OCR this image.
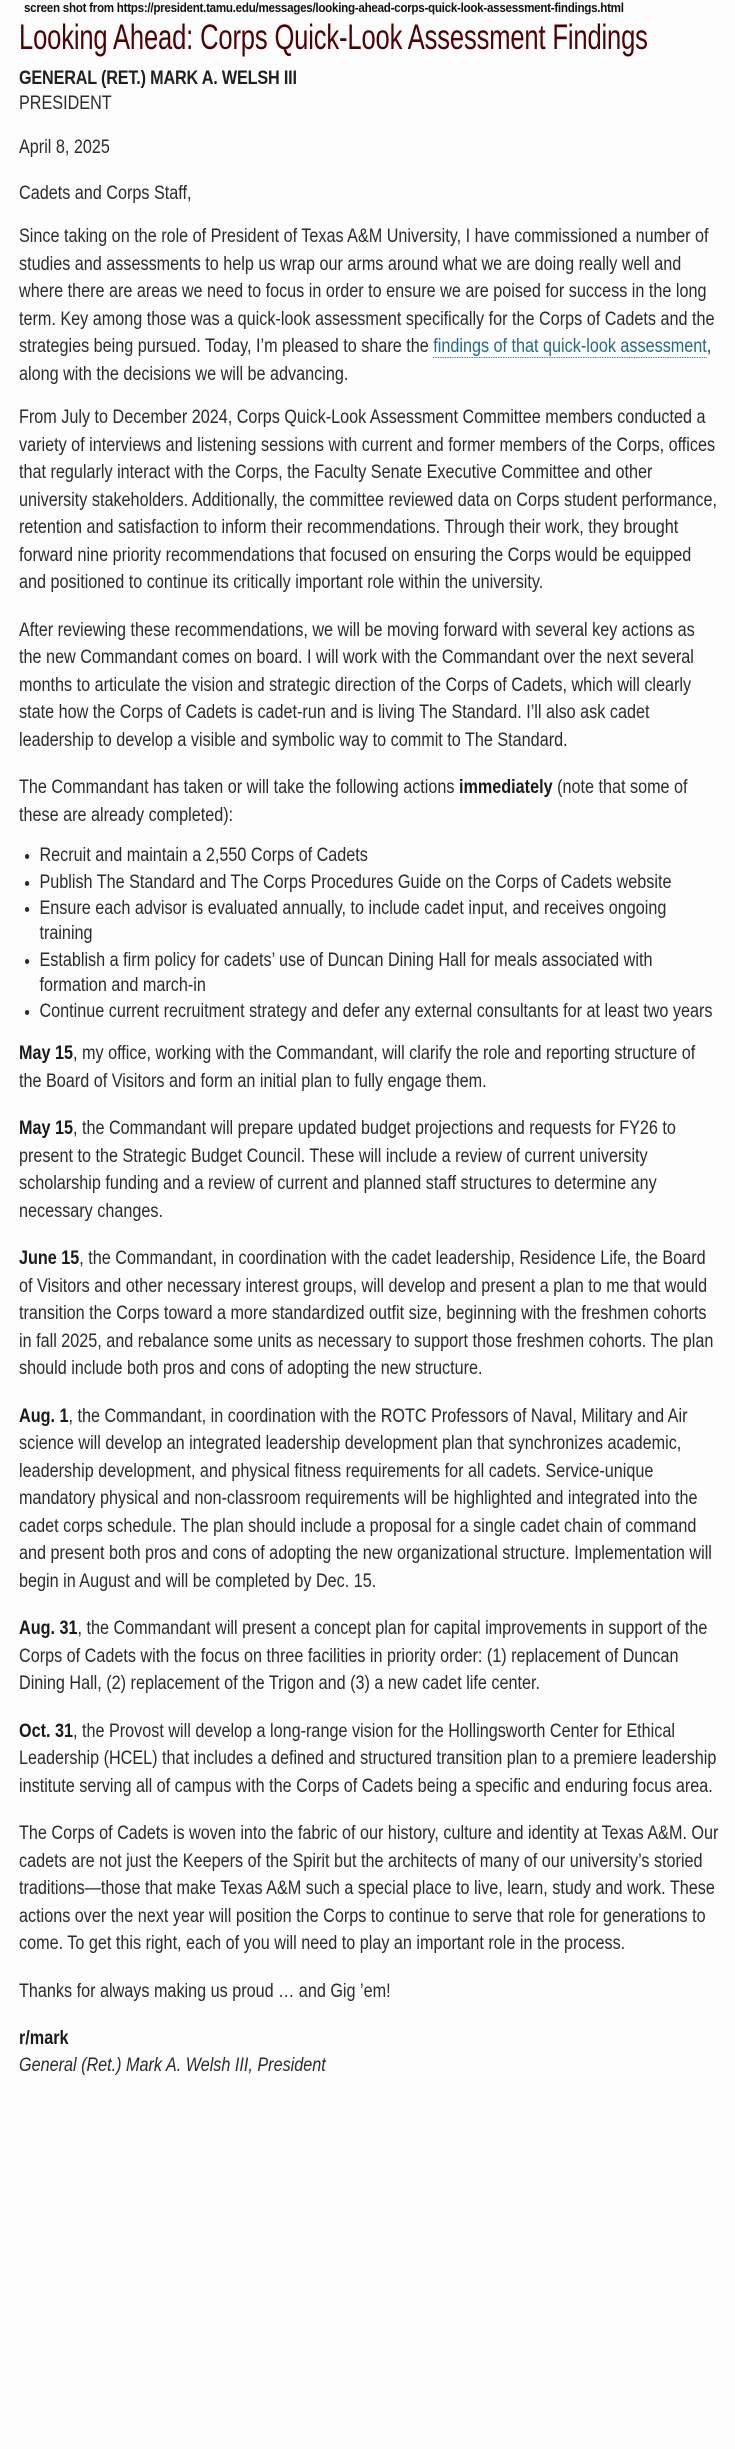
screen shot from https://president.tamu.edu/messages/looking-ahead-corps-quick-look-assessment-findings.html
Looking Ahead: Corps Quick-Look Assessment Findings

GENERAL (RET.) MARK A. WELSH III

PRESIDENT

April 8, 2025

Cadets and Corps Staff,

Since taking on the role of President of Texas A&M University, I have commissioned a number of studies and assessments to help us wrap our arms around what we are doing really well and where there are areas we need to focus in order to ensure we are poised for success in the long term. Key among those was a quick-look assessment specifically for the Corps of Cadets and the strategies being pursued. Today, I’m pleased to share the findings of that quick-look assessment, along with the decisions we will be advancing.

From July to December 2024, Corps Quick-Look Assessment Committee members conducted a variety of interviews and listening sessions with current and former members of the Corps, offices that regularly interact with the Corps, the Faculty Senate Executive Committee and other university stakeholders. Additionally, the committee reviewed data on Corps student performance, retention and satisfaction to inform their recommendations. Through their work, they brought forward nine priority recommendations that focused on ensuring the Corps would be equipped and positioned to continue its critically important role within the university.

After reviewing these recommendations, we will be moving forward with several key actions as the new Commandant comes on board. I will work with the Commandant over the next several months to articulate the vision and strategic direction of the Corps of Cadets, which will clearly state how the Corps of Cadets is cadet-run and is living The Standard. I’ll also ask cadet leadership to develop a visible and symbolic way to commit to The Standard.

The Commandant has taken or will take the following actions immediately (note that some of these are already completed):

• Recruit and maintain a 2,550 Corps of Cadets
• Publish The Standard and The Corps Procedures Guide on the Corps of Cadets website
• Ensure each advisor is evaluated annually, to include cadet input, and receives ongoing training
• Establish a firm policy for cadets’ use of Duncan Dining Hall for meals associated with formation and march-in
• Continue current recruitment strategy and defer any external consultants for at least two years

May 15, my office, working with the Commandant, will clarify the role and reporting structure of the Board of Visitors and form an initial plan to fully engage them.

May 15, the Commandant will prepare updated budget projections and requests for FY26 to present to the Strategic Budget Council. These will include a review of current university scholarship funding and a review of current and planned staff structures to determine any necessary changes.

June 15, the Commandant, in coordination with the cadet leadership, Residence Life, the Board of Visitors and other necessary interest groups, will develop and present a plan to me that would transition the Corps toward a more standardized outfit size, beginning with the freshmen cohorts in fall 2025, and rebalance some units as necessary to support those freshmen cohorts. The plan should include both pros and cons of adopting the new structure.

Aug. 1, the Commandant, in coordination with the ROTC Professors of Naval, Military and Air science will develop an integrated leadership development plan that synchronizes academic, leadership development, and physical fitness requirements for all cadets. Service-unique mandatory physical and non-classroom requirements will be highlighted and integrated into the cadet corps schedule. The plan should include a proposal for a single cadet chain of command and present both pros and cons of adopting the new organizational structure. Implementation will begin in August and will be completed by Dec. 15.

Aug. 31, the Commandant will present a concept plan for capital improvements in support of the Corps of Cadets with the focus on three facilities in priority order: (1) replacement of Duncan Dining Hall, (2) replacement of the Trigon and (3) a new cadet life center.

Oct. 31, the Provost will develop a long-range vision for the Hollingsworth Center for Ethical Leadership (HCEL) that includes a defined and structured transition plan to a premiere leadership institute serving all of campus with the Corps of Cadets being a specific and enduring focus area.

The Corps of Cadets is woven into the fabric of our history, culture and identity at Texas A&M. Our cadets are not just the Keepers of the Spirit but the architects of many of our university’s storied traditions—those that make Texas A&M such a special place to live, learn, study and work. These actions over the next year will position the Corps to continue to serve that role for generations to come. To get this right, each of you will need to play an important role in the process.

Thanks for always making us proud … and Gig ’em!

r/mark

General (Ret.) Mark A. Welsh III, President
